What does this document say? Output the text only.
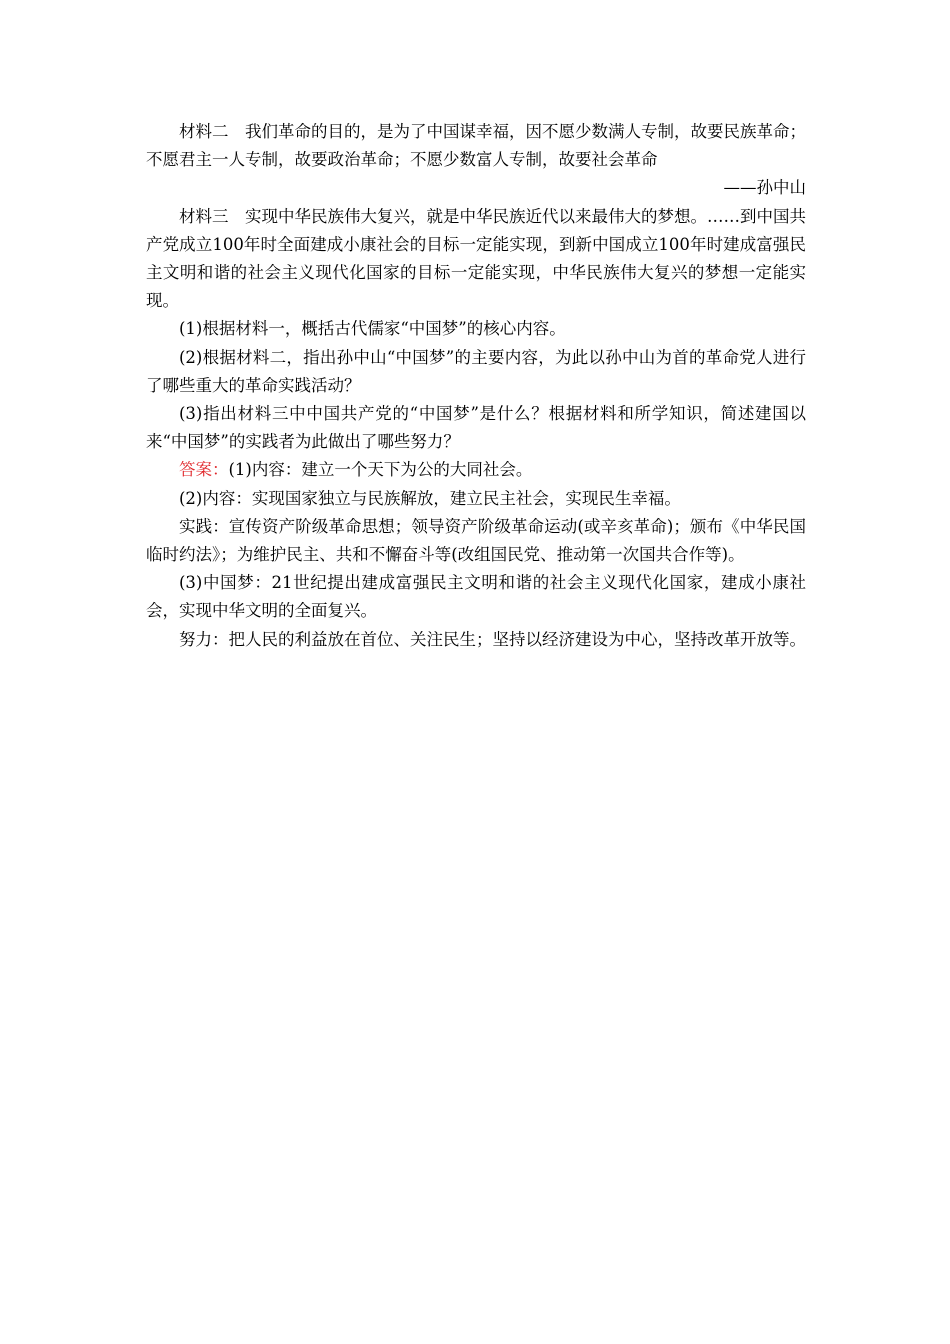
材料二　我们革命的目的，是为了中国谋幸福，因不愿少数满人专制，故要民族革命；不愿君主一人专制，故要政治革命；不愿少数富人专制，故要社会革命

——孙中山

材料三　实现中华民族伟大复兴，就是中华民族近代以来最伟大的梦想。……到中国共产党成立100年时全面建成小康社会的目标一定能实现，到新中国成立100年时建成富强民主文明和谐的社会主义现代化国家的目标一定能实现，中华民族伟大复兴的梦想一定能实现。

(1)根据材料一，概括古代儒家“中国梦”的核心内容。

(2)根据材料二，指出孙中山“中国梦”的主要内容，为此以孙中山为首的革命党人进行了哪些重大的革命实践活动？

(3)指出材料三中中国共产党的“中国梦”是什么？根据材料和所学知识，简述建国以来“中国梦”的实践者为此做出了哪些努力？

答案：(1)内容：建立一个天下为公的大同社会。

(2)内容：实现国家独立与民族解放，建立民主社会，实现民生幸福。

实践：宣传资产阶级革命思想；领导资产阶级革命运动(或辛亥革命)；颁布《中华民国临时约法》；为维护民主、共和不懈奋斗等(改组国民党、推动第一次国共合作等)。

(3)中国梦：21世纪提出建成富强民主文明和谐的社会主义现代化国家，建成小康社会，实现中华文明的全面复兴。

努力：把人民的利益放在首位、关注民生；坚持以经济建设为中心，坚持改革开放等。
